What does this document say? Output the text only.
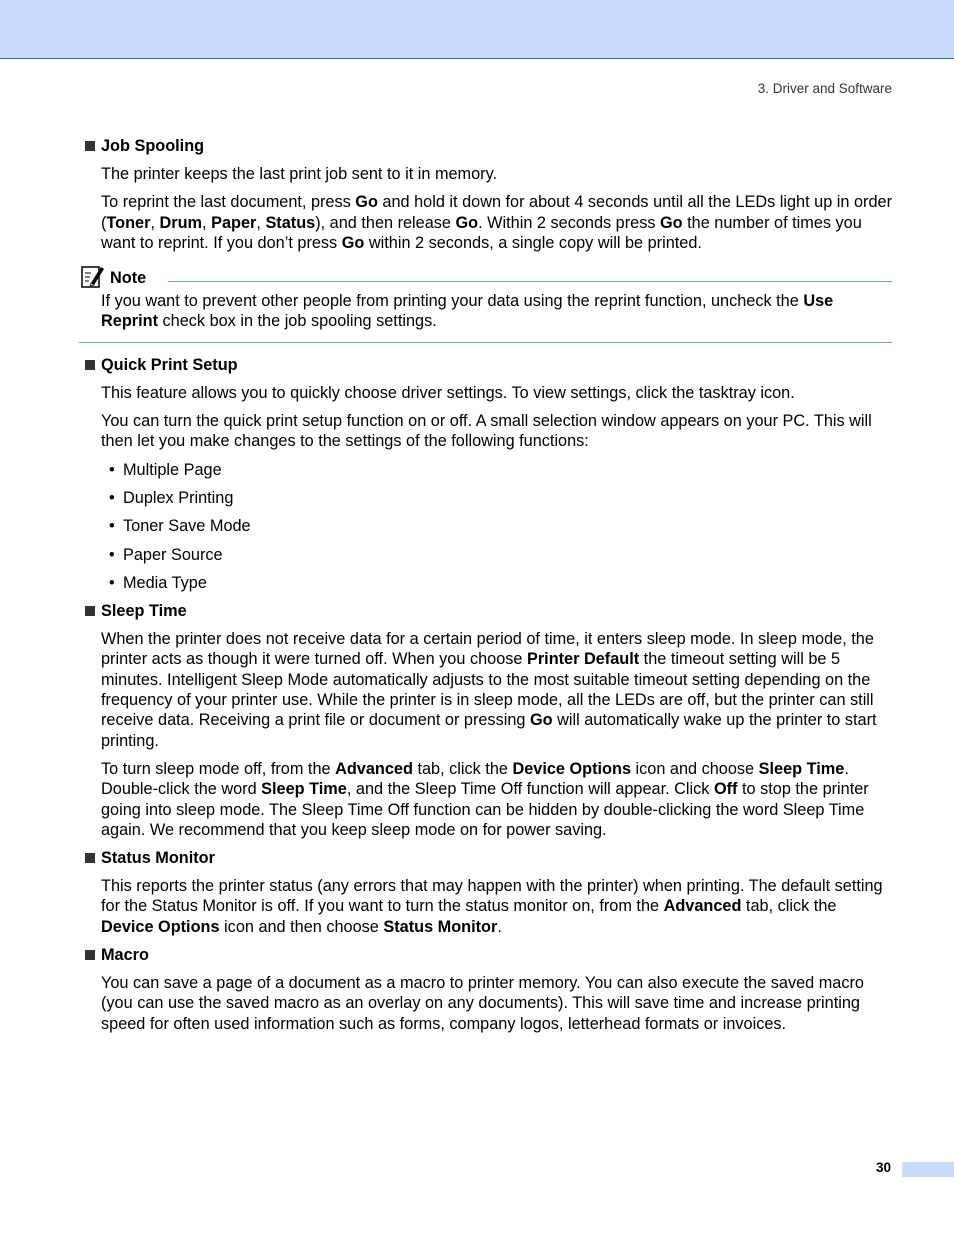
3. Driver and Software
Job Spooling

The printer keeps the last print job sent to it in memory.

To reprint the last document, press Go and hold it down for about 4 seconds until all the LEDs light up in order (Toner, Drum, Paper, Status), and then release Go. Within 2 seconds press Go the number of times you want to reprint. If you don’t press Go within 2 seconds, a single copy will be printed.

Note

If you want to prevent other people from printing your data using the reprint function, uncheck the Use Reprint check box in the job spooling settings.

Quick Print Setup

This feature allows you to quickly choose driver settings. To view settings, click the tasktray icon.

You can turn the quick print setup function on or off. A small selection window appears on your PC. This will then let you make changes to the settings of the following functions:

• Multiple Page
• Duplex Printing
• Toner Save Mode
• Paper Source
• Media Type
Sleep Time

When the printer does not receive data for a certain period of time, it enters sleep mode. In sleep mode, the printer acts as though it were turned off. When you choose Printer Default the timeout setting will be 5 minutes. Intelligent Sleep Mode automatically adjusts to the most suitable timeout setting depending on the frequency of your printer use. While the printer is in sleep mode, all the LEDs are off, but the printer can still receive data. Receiving a print file or document or pressing Go will automatically wake up the printer to start printing.

To turn sleep mode off, from the Advanced tab, click the Device Options icon and choose Sleep Time. Double-click the word Sleep Time, and the Sleep Time Off function will appear. Click Off to stop the printer going into sleep mode. The Sleep Time Off function can be hidden by double-clicking the word Sleep Time again. We recommend that you keep sleep mode on for power saving.

Status Monitor

This reports the printer status (any errors that may happen with the printer) when printing. The default setting for the Status Monitor is off. If you want to turn the status monitor on, from the Advanced tab, click the Device Options icon and then choose Status Monitor.

Macro

You can save a page of a document as a macro to printer memory. You can also execute the saved macro (you can use the saved macro as an overlay on any documents). This will save time and increase printing speed for often used information such as forms, company logos, letterhead formats or invoices.

30
